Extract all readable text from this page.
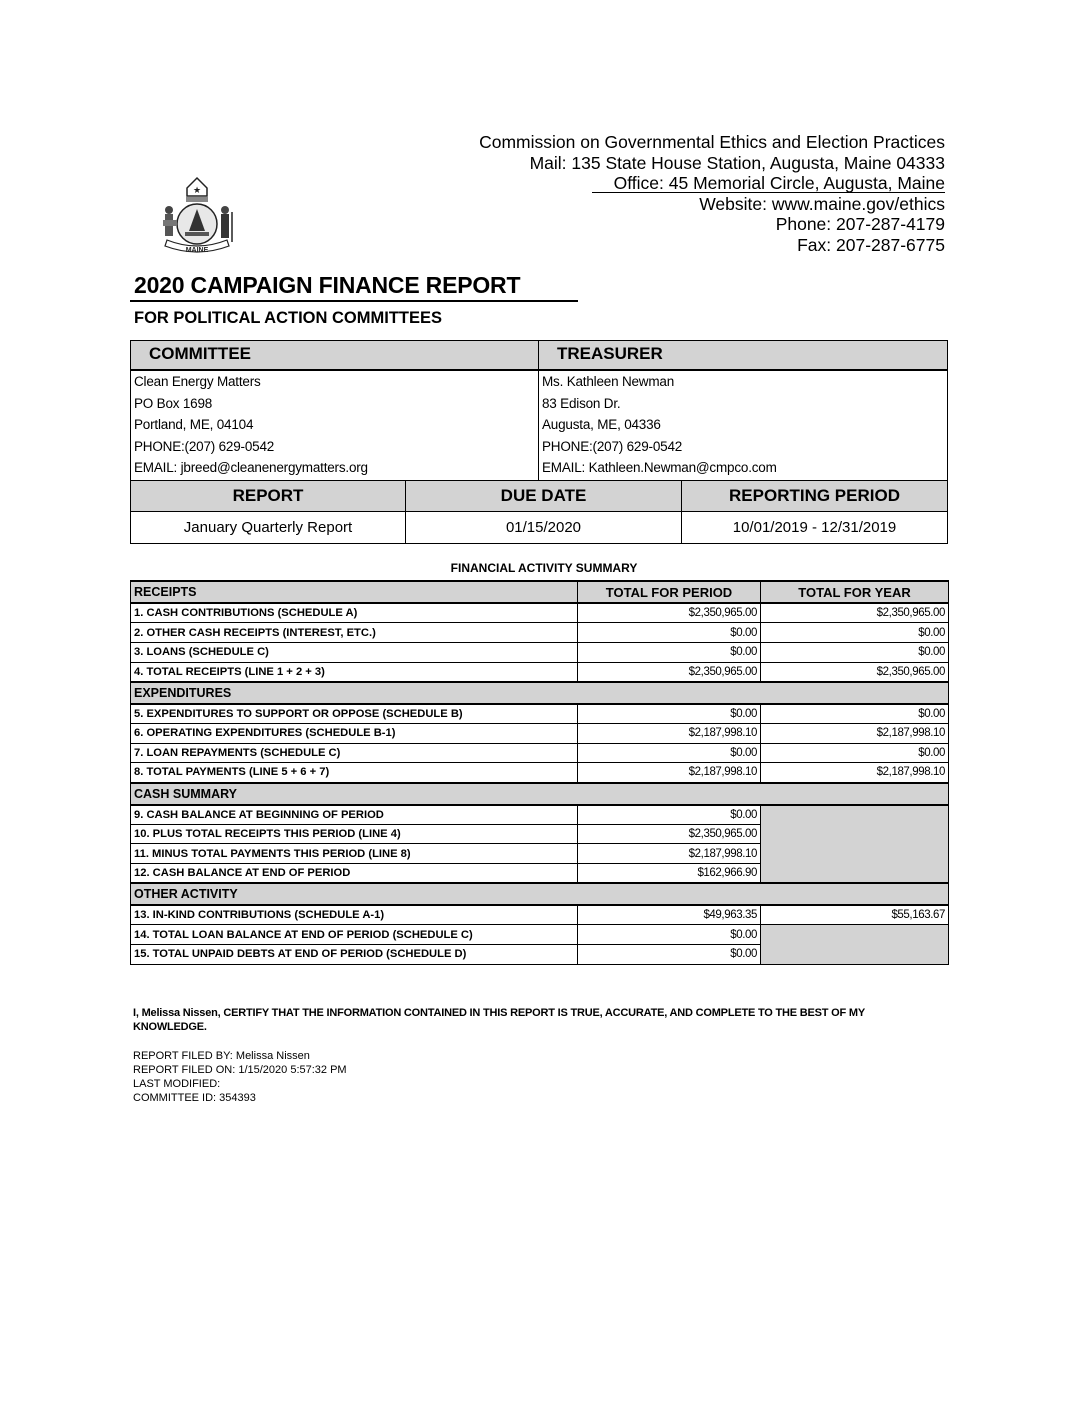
Commission on Governmental Ethics and Election Practices
Mail: 135 State House Station, Augusta, Maine 04333
Office: 45 Memorial Circle, Augusta, Maine
Website: www.maine.gov/ethics
Phone: 207-287-4179
Fax: 207-287-6775
★
MAINE
2020 CAMPAIGN FINANCE REPORT
FOR POLITICAL ACTION COMMITTEES
COMMITTEE
Clean Energy Matters
PO Box 1698
Portland, ME, 04104
PHONE:(207) 629-0542
EMAIL: jbreed@cleanenergymatters.org
TREASURER
Ms. Kathleen Newman
83 Edison Dr.
Augusta, ME, 04336
PHONE:(207) 629-0542
EMAIL: Kathleen.Newman@cmpco.com
REPORT	DUE DATE	REPORTING PERIOD
January Quarterly Report	01/15/2020	10/01/2019 - 12/31/2019
FINANCIAL ACTIVITY SUMMARY
RECEIPTS	TOTAL FOR PERIOD	TOTAL FOR YEAR
1. CASH CONTRIBUTIONS (SCHEDULE A)	$2,350,965.00	$2,350,965.00
2. OTHER CASH RECEIPTS (INTEREST, ETC.)	$0.00	$0.00
3. LOANS (SCHEDULE C)	$0.00	$0.00
4. TOTAL RECEIPTS (LINE 1 + 2 + 3)	$2,350,965.00	$2,350,965.00
EXPENDITURES		
5. EXPENDITURES TO SUPPORT OR OPPOSE (SCHEDULE B)	$0.00	$0.00
6. OPERATING EXPENDITURES (SCHEDULE B-1)	$2,187,998.10	$2,187,998.10
7. LOAN REPAYMENTS (SCHEDULE C)	$0.00	$0.00
8. TOTAL PAYMENTS (LINE 5 + 6 + 7)	$2,187,998.10	$2,187,998.10
CASH SUMMARY		
9. CASH BALANCE AT BEGINNING OF PERIOD	$0.00	
10. PLUS TOTAL RECEIPTS THIS PERIOD (LINE 4)	$2,350,965.00	
11. MINUS TOTAL PAYMENTS THIS PERIOD (LINE 8)	$2,187,998.10	
12. CASH BALANCE AT END OF PERIOD	$162,966.90	
OTHER ACTIVITY		
13. IN-KIND CONTRIBUTIONS (SCHEDULE A-1)	$49,963.35	$55,163.67
14. TOTAL LOAN BALANCE AT END OF PERIOD (SCHEDULE C)	$0.00	
15. TOTAL UNPAID DEBTS AT END OF PERIOD (SCHEDULE D)	$0.00	
I, Melissa Nissen, CERTIFY THAT THE INFORMATION CONTAINED IN THIS REPORT IS TRUE, ACCURATE, AND COMPLETE TO THE BEST OF MY KNOWLEDGE.
REPORT FILED BY: Melissa Nissen
REPORT FILED ON: 1/15/2020 5:57:32 PM
LAST MODIFIED:
COMMITTEE ID: 354393
